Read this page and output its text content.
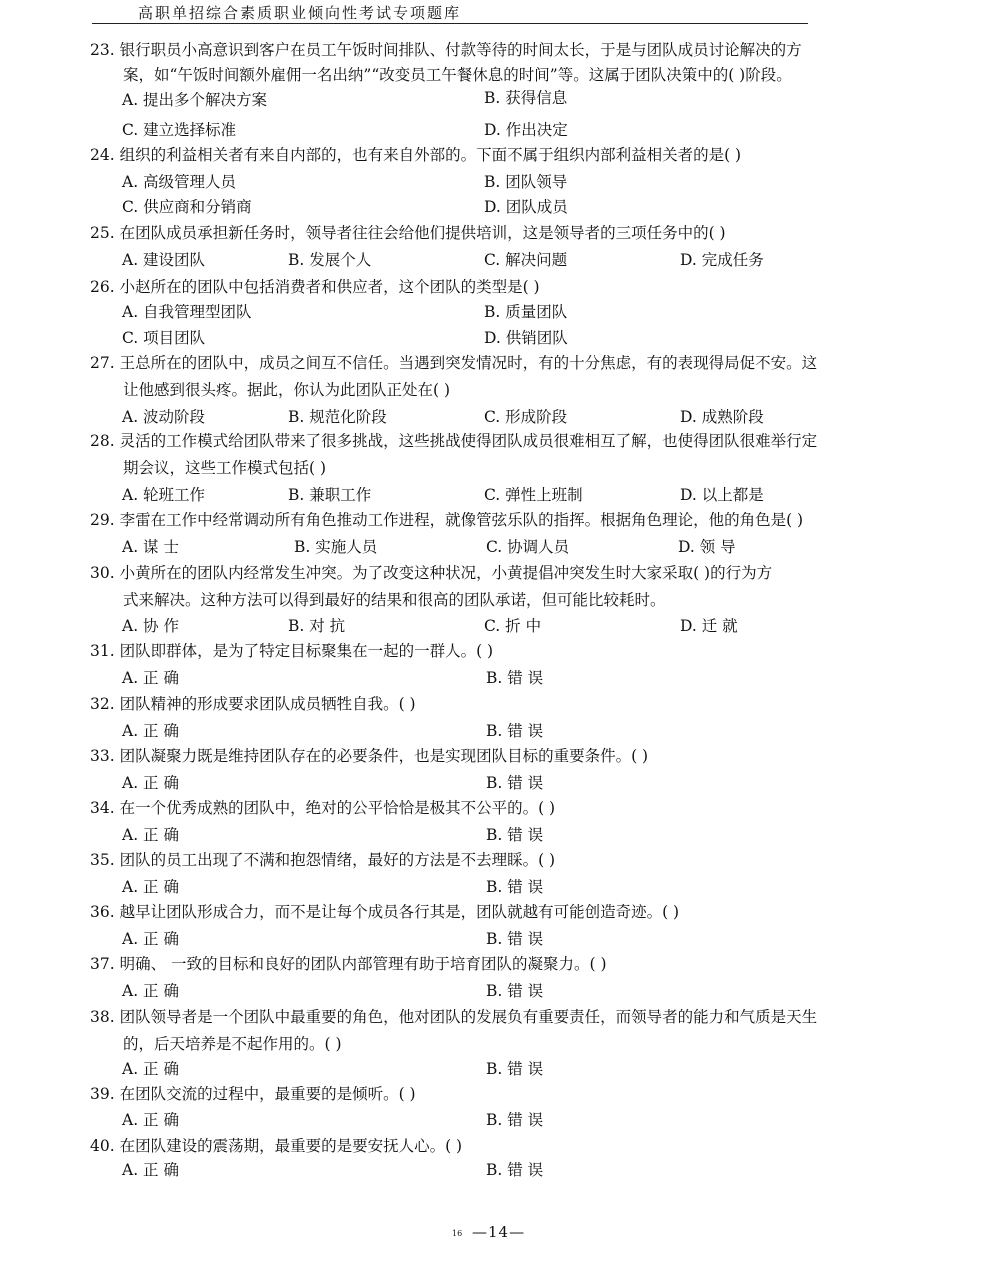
高职单招综合素质职业倾向性考试专项题库
23. 银行职员小高意识到客户在员工午饭时间排队、付款等待的时间太长，于是与团队成员讨论解决的方
案，如“午饭时间额外雇佣一名出纳”“改变员工午餐休息的时间”等。这属于团队决策中的( )阶段。
A. 提出多个解决方案	B. 获得信息
C. 建立选择标准	D. 作出决定
24. 组织的利益相关者有来自内部的，也有来自外部的。下面不属于组织内部利益相关者的是( )
A. 高级管理人员	B. 团队领导
C. 供应商和分销商	D. 团队成员
25. 在团队成员承担新任务时，领导者往往会给他们提供培训，这是领导者的三项任务中的( )
A. 建设团队	B. 发展个人	C. 解决问题	D. 完成任务
26. 小赵所在的团队中包括消费者和供应者，这个团队的类型是( )
A. 自我管理型团队	B. 质量团队
C. 项目团队	D. 供销团队
27. 王总所在的团队中，成员之间互不信任。当遇到突发情况时，有的十分焦虑，有的表现得局促不安。这
让他感到很头疼。据此，你认为此团队正处在( )
A. 波动阶段	B. 规范化阶段	C. 形成阶段	D. 成熟阶段
28. 灵活的工作模式给团队带来了很多挑战，这些挑战使得团队成员很难相互了解，也使得团队很难举行定
期会议，这些工作模式包括( )
A. 轮班工作	B. 兼职工作	C. 弹性上班制	D. 以上都是
29. 李雷在工作中经常调动所有角色推动工作进程，就像管弦乐队的指挥。根据角色理论，他的角色是( )
A. 谋 士	B. 实施人员	C. 协调人员	D. 领 导
30. 小黄所在的团队内经常发生冲突。为了改变这种状况，小黄提倡冲突发生时大家采取( )的行为方
式来解决。这种方法可以得到最好的结果和很高的团队承诺，但可能比较耗时。
A. 协 作	B. 对 抗	C. 折 中	D. 迁 就
31. 团队即群体，是为了特定目标聚集在一起的一群人。( )
A. 正 确	B. 错 误
32. 团队精神的形成要求团队成员牺牲自我。( )
A. 正 确	B. 错 误
33. 团队凝聚力既是维持团队存在的必要条件，也是实现团队目标的重要条件。( )
A. 正 确	B. 错 误
34. 在一个优秀成熟的团队中，绝对的公平恰恰是极其不公平的。( )
A. 正 确	B. 错 误
35. 团队的员工出现了不满和抱怨情绪，最好的方法是不去理睬。( )
A. 正 确	B. 错 误
36. 越早让团队形成合力，而不是让每个成员各行其是，团队就越有可能创造奇迹。( )
A. 正 确	B. 错 误
37. 明确、 一致的目标和良好的团队内部管理有助于培育团队的凝聚力。( )
A. 正 确	B. 错 误
38. 团队领导者是一个团队中最重要的角色，他对团队的发展负有重要责任，而领导者的能力和气质是天生
的，后天培养是不起作用的。( )
A. 正 确	B. 错 误
39. 在团队交流的过程中，最重要的是倾听。( )
A. 正 确	B. 错 误
40. 在团队建设的震荡期，最重要的是要安抚人心。( )
A. 正 确	B. 错 误
16 —14—
